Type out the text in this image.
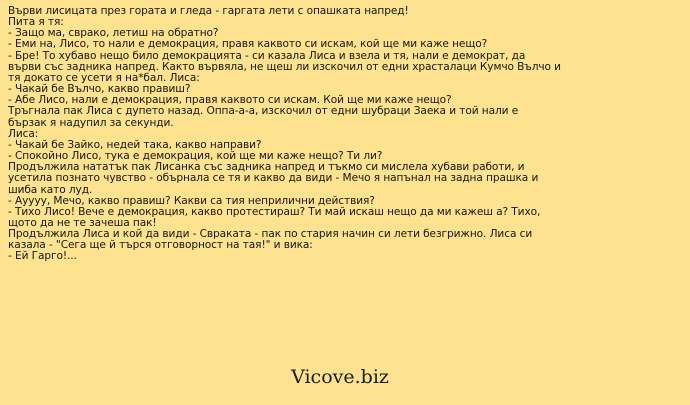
Върви лисицата през гората и гледа - гаргата лети с опашката напред!
Пита я тя:
- Защо ма, сврако, летиш на обратно?
- Еми на, Лисо, то нали е демокрация, правя каквото си искам, кой ще ми каже нещо?
- Бре! То хубаво нещо било демокрацията - си казала Лиса и взела и тя, нали е демократ, да
върви със задника напред. Както вървяла, не щеш ли изскочил от едни храсталаци Кумчо Вълчо и
тя докато се усети я на*бал. Лиса:
- Чакай бе Вълчо, какво правиш?
- Абе Лисо, нали е демокрация, правя каквото си искам. Кой ще ми каже нещо?
Тръгнала пак Лиса с дупето назад. Оппа-а-а, изскочил от едни шубраци Заека и той нали е
бързак я надупил за секунди.
Лиса:
- Чакай бе Зайко, недей така, какво направи?
- Спокойно Лисо, тука е демокрация, кой ще ми каже нещо? Ти ли?
Продължила нататък пак Лисанка със задника напред и тъкмо си мислела хубави работи, и
усетила познато чувство - обърнала се тя и какво да види - Мечо я напънал на задна прашка и
шиба като луд.
- Ауууу, Мечо, какво правиш? Какви са тия неприлични действия?
- Тихо Лисо! Вече е демокрация, какво протестираш? Ти май искаш нещо да ми кажеш а? Тихо,
щото да не те зачеша пак!
Продължила Лиса и кой да види - Свраката - пак по стария начин си лети безгрижно. Лиса си
казала - "Сега ще й търся отговорност на тая!" и вика:
- Ей Гарго!...
Vicove.biz
